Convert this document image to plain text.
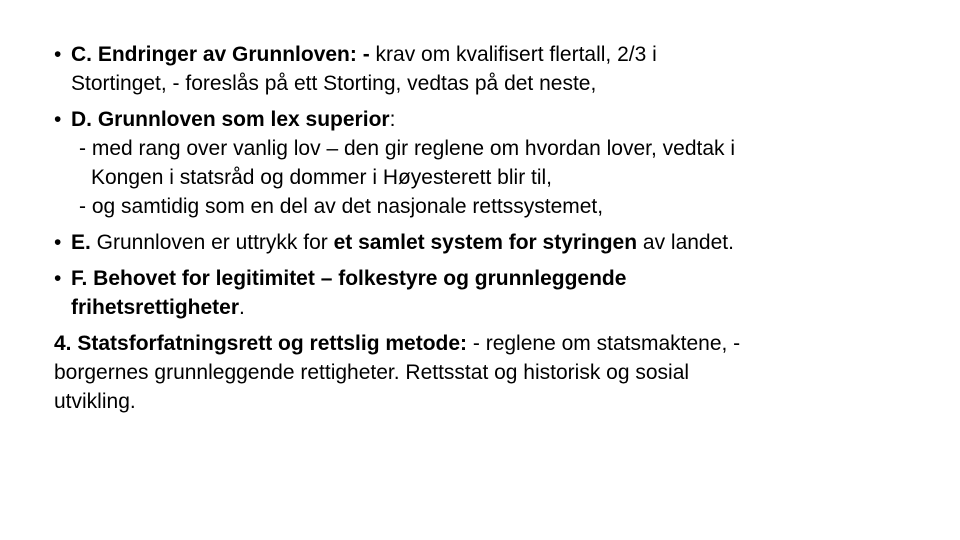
• C. Endringer av Grunnloven: - krav om kvalifisert flertall, 2/3 i
Stortinget, - foreslås på ett Storting, vedtas på det neste,
• D. Grunnloven som lex superior:
- med rang over vanlig lov – den gir reglene om hvordan lover, vedtak i
Kongen i statsråd og dommer i Høyesterett blir til,
- og samtidig som en del av det nasjonale rettssystemet,
• E. Grunnloven er uttrykk for et samlet system for styringen av landet.
• F. Behovet for legitimitet – folkestyre og grunnleggende
frihetsrettigheter.
4. Statsforfatningsrett og rettslig metode: - reglene om statsmaktene, -
borgernes grunnleggende rettigheter. Rettsstat og historisk og sosial
utvikling.
